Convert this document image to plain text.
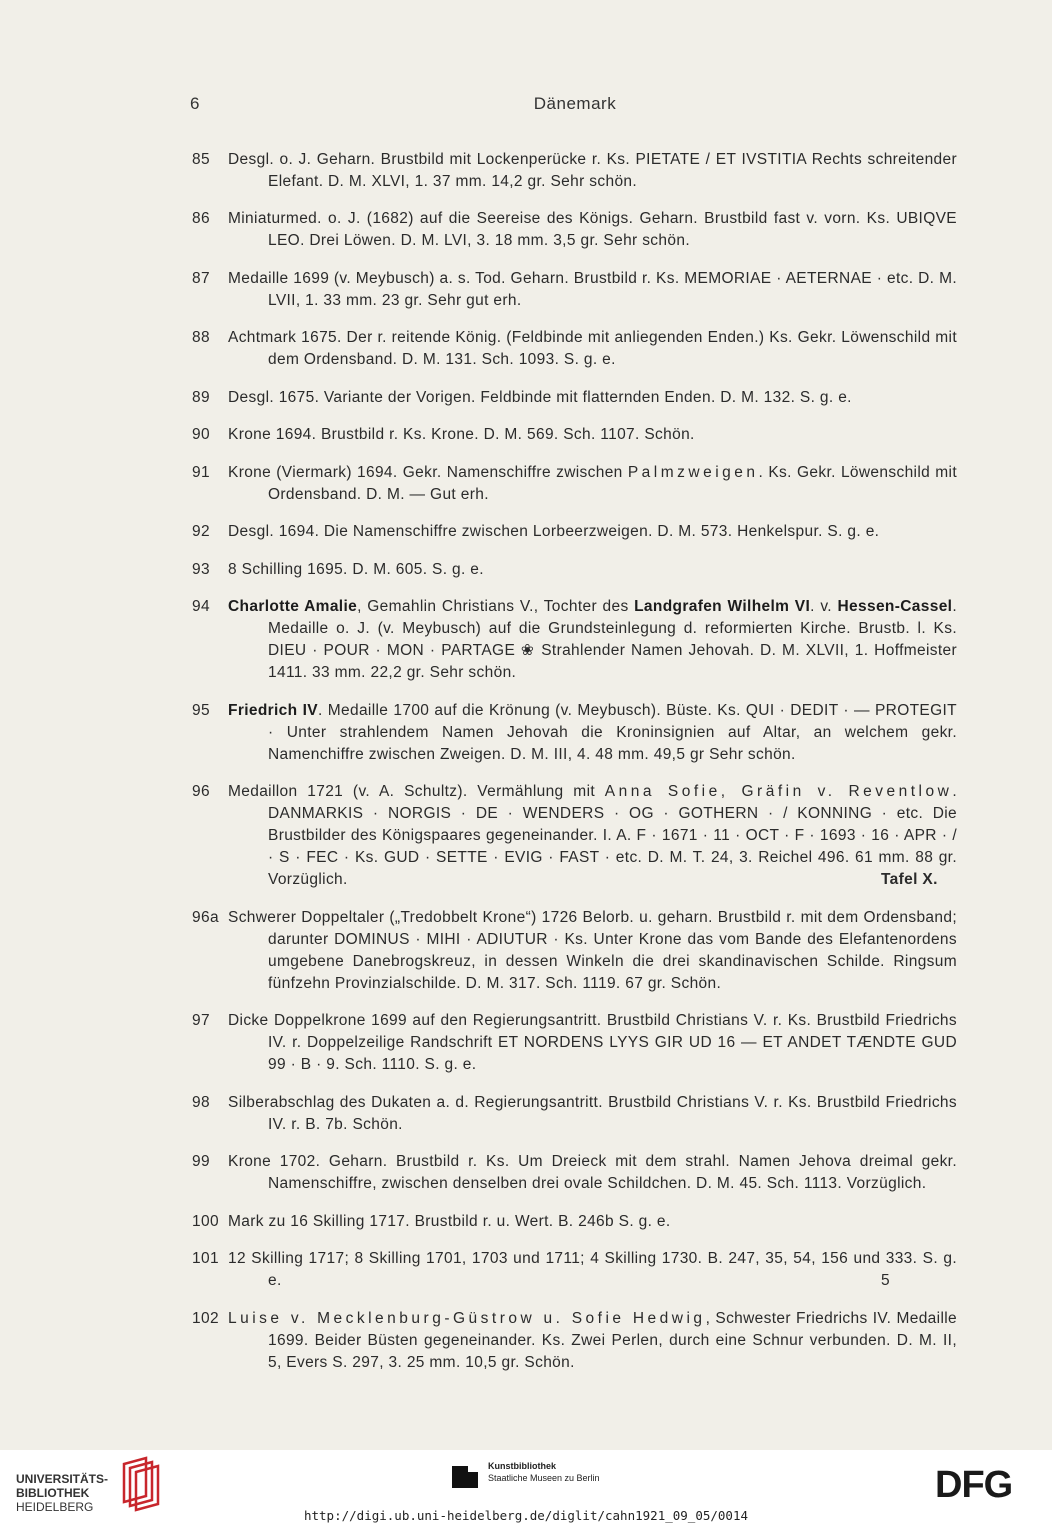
6	Dänemark

85 Desgl. o. J. Geharn. Brustbild mit Lockenperücke r. Ks. PIETATE / ET IVSTITIA Rechts schreitender Elefant. D. M. XLVI, 1. 37 mm. 14,2 gr. Sehr schön.

86 Miniaturmed. o. J. (1682) auf die Seereise des Königs. Geharn. Brustbild fast v. vorn. Ks. UBIQVE LEO. Drei Löwen. D. M. LVI, 3. 18 mm. 3,5 gr. Sehr schön.

87 Medaille 1699 (v. Meybusch) a. s. Tod. Geharn. Brustbild r. Ks. MEMORIAE · AETERNAE · etc. D. M. LVII, 1. 33 mm. 23 gr. Sehr gut erh.

88 Achtmark 1675. Der r. reitende König. (Feldbinde mit anliegenden Enden.) Ks. Gekr. Löwenschild mit dem Ordensband. D. M. 131. Sch. 1093. S. g. e.

89 Desgl. 1675. Variante der Vorigen. Feldbinde mit flatternden Enden. D. M. 132. S. g. e.

90 Krone 1694. Brustbild r. Ks. Krone. D. M. 569. Sch. 1107. Schön.

91 Krone (Viermark) 1694. Gekr. Namenschiffre zwischen Palmzweigen. Ks. Gekr. Löwenschild mit Ordensband. D. M. — Gut erh.

92 Desgl. 1694. Die Namenschiffre zwischen Lorbeerzweigen. D. M. 573. Henkelspur. S. g. e.

93 8 Schilling 1695. D. M. 605. S. g. e.

94 Charlotte Amalie, Gemahlin Christians V., Tochter des Landgrafen Wilhelm VI. v. Hessen-Cassel. Medaille o. J. (v. Meybusch) auf die Grundsteinlegung d. reformierten Kirche. Brustb. l. Ks. DIEU · POUR · MON · PARTAGE ❀ Strahlender Namen Jehovah. D. M. XLVII, 1. Hoffmeister 1411. 33 mm. 22,2 gr. Sehr schön.

95 Friedrich IV. Medaille 1700 auf die Krönung (v. Meybusch). Büste. Ks. QUI · DEDIT · — PROTEGIT · Unter strahlendem Namen Jehovah die Kroninsignien auf Altar, an welchem gekr. Namenchiffre zwischen Zweigen. D. M. III, 4. 48 mm. 49,5 gr Sehr schön.

96 Medaillon 1721 (v. A. Schultz). Vermählung mit Anna Sofie, Gräfin v. Reventlow. DANMARKIS · NORGIS · DE · WENDERS · OG · GOTHERN · / KONNING · etc. Die Brustbilder des Königspaares gegeneinander. I. A. F · 1671 · 11 · OCT · F · 1693 · 16 · APR · / · S · FEC · Ks. GUD · SETTE · EVIG · FAST · etc. D. M. T. 24, 3. Reichel 496. 61 mm. 88 gr. Vorzüglich.	Tafel X.

96a Schwerer Doppeltaler („Tredobbelt Krone“) 1726 Belorb. u. geharn. Brustbild r. mit dem Ordensband; darunter DOMINUS · MIHI · ADIUTUR · Ks. Unter Krone das vom Bande des Elefantenordens umgebene Danebrogskreuz, in dessen Winkeln die drei skandinavischen Schilde. Ringsum fünfzehn Provinzialschilde. D. M. 317. Sch. 1119. 67 gr. Schön.

97 Dicke Doppelkrone 1699 auf den Regierungsantritt. Brustbild Christians V. r. Ks. Brustbild Friedrichs IV. r. Doppelzeilige Randschrift ET NORDENS LYYS GIR UD 16 — ET ANDET TÆNDTE GUD 99 · B · 9. Sch. 1110. S. g. e.

98 Silberabschlag des Dukaten a. d. Regierungsantritt. Brustbild Christians V. r. Ks. Brustbild Friedrichs IV. r. B. 7b. Schön.

99 Krone 1702. Geharn. Brustbild r. Ks. Um Dreieck mit dem strahl. Namen Jehova dreimal gekr. Namenschiffre, zwischen denselben drei ovale Schildchen. D. M. 45. Sch. 1113. Vorzüglich.

100 Mark zu 16 Skilling 1717. Brustbild r. u. Wert. B. 246b S. g. e.

101 12 Skilling 1717; 8 Skilling 1701, 1703 und 1711; 4 Skilling 1730. B. 247, 35, 54, 156 und 333. S. g. e.	5

102 Luise v. Mecklenburg-Güstrow u. Sofie Hedwig, Schwester Friedrichs IV. Medaille 1699. Beider Büsten gegeneinander. Ks. Zwei Perlen, durch eine Schnur verbunden. D. M. II, 5, Evers S. 297, 3. 25 mm. 10,5 gr. Schön.

UNIVERSITÄTS-
BIBLIOTHEK
HEIDELBERG
Kunstbibliothek
Staatliche Museen zu Berlin	DFG
http://digi.ub.uni-heidelberg.de/diglit/cahn1921_09_05/0014
